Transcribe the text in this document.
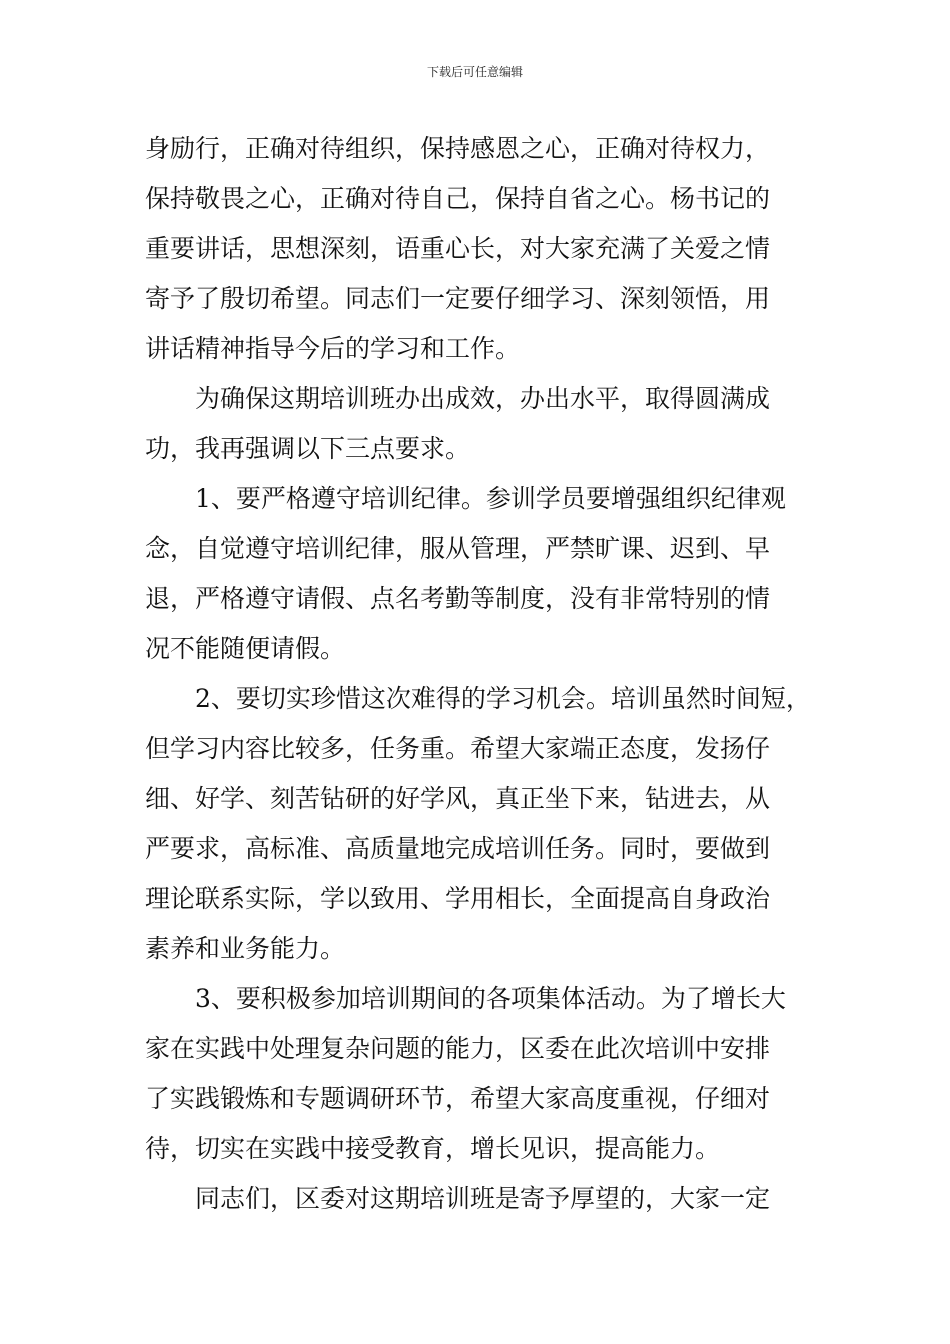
下载后可任意编辑
身励行，正确对待组织，保持感恩之心，正确对待权力，
保持敬畏之心，正确对待自己，保持自省之心。杨书记的
重要讲话，思想深刻，语重心长，对大家充满了关爱之情
寄予了殷切希望。同志们一定要仔细学习、深刻领悟，用
讲话精神指导今后的学习和工作。
为确保这期培训班办出成效，办出水平，取得圆满成
功，我再强调以下三点要求。
1、要严格遵守培训纪律。参训学员要增强组织纪律观
念，自觉遵守培训纪律，服从管理，严禁旷课、迟到、早
退，严格遵守请假、点名考勤等制度，没有非常特别的情
况不能随便请假。
2、要切实珍惜这次难得的学习机会。培训虽然时间短，
但学习内容比较多，任务重。希望大家端正态度，发扬仔
细、好学、刻苦钻研的好学风，真正坐下来，钻进去，从
严要求，高标准、高质量地完成培训任务。同时，要做到
理论联系实际，学以致用、学用相长，全面提高自身政治
素养和业务能力。
3、要积极参加培训期间的各项集体活动。为了增长大
家在实践中处理复杂问题的能力，区委在此次培训中安排
了实践锻炼和专题调研环节，希望大家高度重视，仔细对
待，切实在实践中接受教育，增长见识，提高能力。
同志们，区委对这期培训班是寄予厚望的，大家一定
